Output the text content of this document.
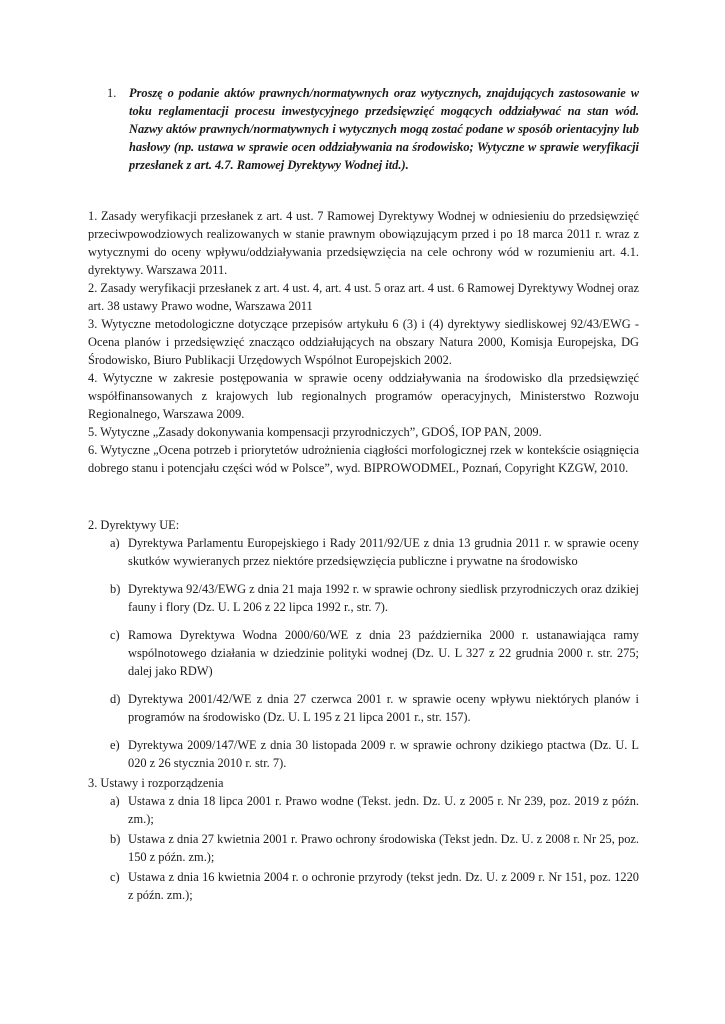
1. Proszę o podanie aktów prawnych/normatywnych oraz wytycznych, znajdujących zastosowanie w toku reglamentacji procesu inwestycyjnego przedsięwzięć mogących oddziaływać na stan wód. Nazwy aktów prawnych/normatywnych i wytycznych mogą zostać podane w sposób orientacyjny lub hasłowy (np. ustawa w sprawie ocen oddziaływania na środowisko; Wytyczne w sprawie weryfikacji przesłanek z art. 4.7. Ramowej Dyrektywy Wodnej itd.).

1. Zasady weryfikacji przesłanek z art. 4 ust. 7 Ramowej Dyrektywy Wodnej w odniesieniu do przedsięwzięć przeciwpowodziowych realizowanych w stanie prawnym obowiązującym przed i po 18 marca 2011 r. wraz z wytycznymi do oceny wpływu/oddziaływania przedsięwzięcia na cele ochrony wód w rozumieniu art. 4.1. dyrektywy. Warszawa 2011.

2. Zasady weryfikacji przesłanek z art. 4 ust. 4, art. 4 ust. 5 oraz art. 4 ust. 6 Ramowej Dyrektywy Wodnej oraz art. 38 ustawy Prawo wodne, Warszawa 2011

3. Wytyczne metodologiczne dotyczące przepisów artykułu 6 (3) i (4) dyrektywy siedliskowej 92/43/EWG - Ocena planów i przedsięwzięć znacząco oddziałujących na obszary Natura 2000, Komisja Europejska, DG Środowisko, Biuro Publikacji Urzędowych Wspólnot Europejskich 2002.

4. Wytyczne w zakresie postępowania w sprawie oceny oddziaływania na środowisko dla przedsięwzięć współfinansowanych z krajowych lub regionalnych programów operacyjnych, Ministerstwo Rozwoju Regionalnego, Warszawa 2009.

5. Wytyczne „Zasady dokonywania kompensacji przyrodniczych”, GDOŚ, IOP PAN, 2009.

6. Wytyczne „Ocena potrzeb i priorytetów udrożnienia ciągłości morfologicznej rzek w kontekście osiągnięcia dobrego stanu i potencjału części wód w Polsce”, wyd. BIPROWODMEL, Poznań, Copyright KZGW, 2010.

2. Dyrektywy UE:

a) Dyrektywa Parlamentu Europejskiego i Rady 2011/92/UE z dnia 13 grudnia 2011 r. w sprawie oceny skutków wywieranych przez niektóre przedsięwzięcia publiczne i prywatne na środowisko
b) Dyrektywa 92/43/EWG z dnia 21 maja 1992 r. w sprawie ochrony siedlisk przyrodniczych oraz dzikiej fauny i flory (Dz. U. L 206 z 22 lipca 1992 r., str. 7).
c) Ramowa Dyrektywa Wodna 2000/60/WE z dnia 23 października 2000 r. ustanawiająca ramy wspólnotowego działania w dziedzinie polityki wodnej (Dz. U. L 327 z 22 grudnia 2000 r. str. 275; dalej jako RDW)
d) Dyrektywa 2001/42/WE z dnia 27 czerwca 2001 r. w sprawie oceny wpływu niektórych planów i programów na środowisko (Dz. U. L 195 z 21 lipca 2001 r., str. 157).
e) Dyrektywa 2009/147/WE z dnia 30 listopada 2009 r. w sprawie ochrony dzikiego ptactwa (Dz. U. L 020 z 26 stycznia 2010 r. str. 7).

3. Ustawy i rozporządzenia

a) Ustawa z dnia 18 lipca 2001 r. Prawo wodne (Tekst. jedn. Dz. U. z 2005 r. Nr 239, poz. 2019 z późn. zm.);
b) Ustawa z dnia 27 kwietnia 2001 r. Prawo ochrony środowiska (Tekst jedn. Dz. U. z 2008 r. Nr 25, poz. 150 z późn. zm.);
c) Ustawa z dnia 16 kwietnia 2004 r. o ochronie przyrody (tekst jedn. Dz. U. z 2009 r. Nr 151, poz. 1220 z późn. zm.);
